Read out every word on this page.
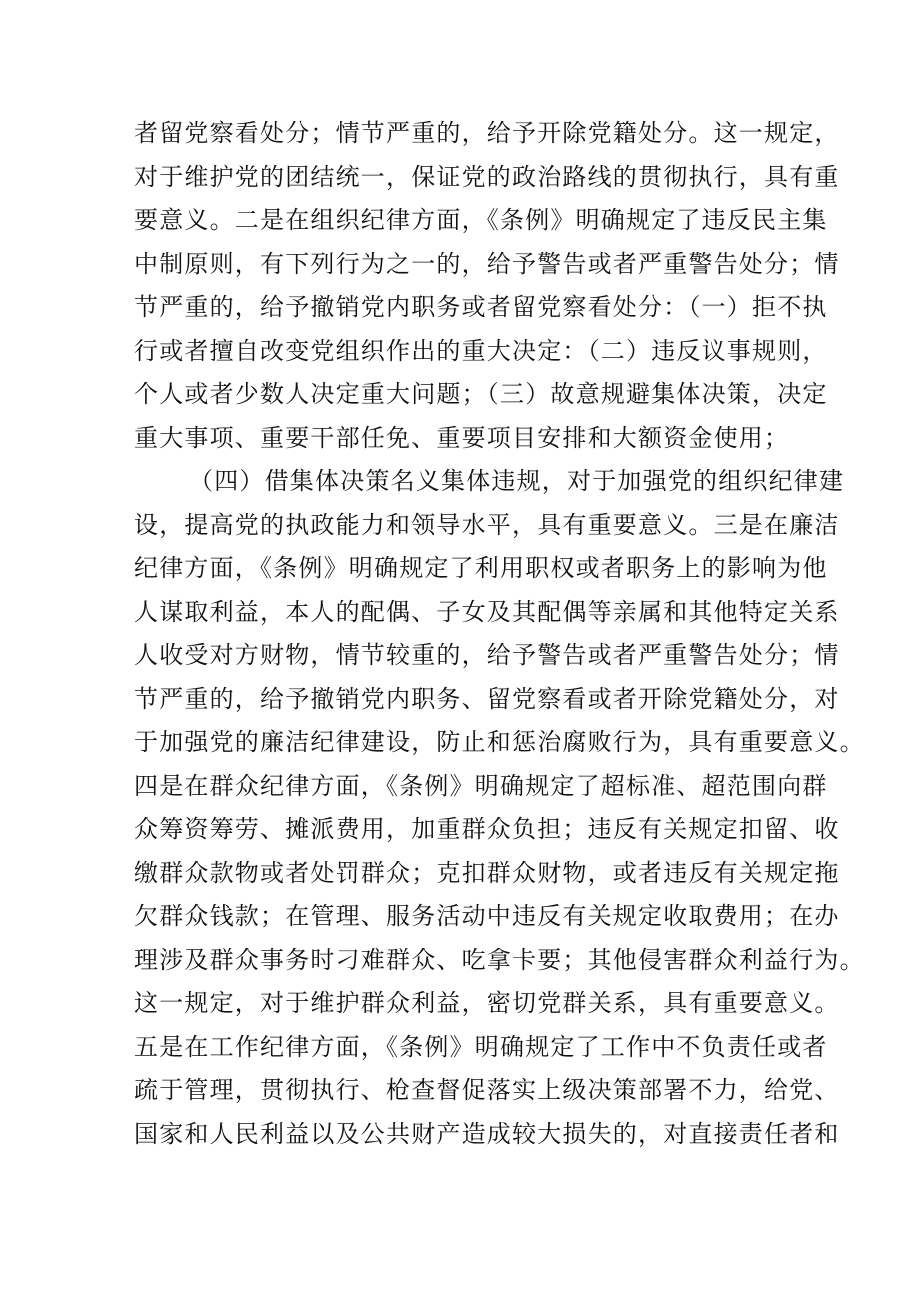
者留党察看处分；情节严重的，给予开除党籍处分。这一规定，
对于维护党的团结统一，保证党的政治路线的贯彻执行，具有重
要意义。二是在组织纪律方面，《条例》明确规定了违反民主集
中制原则，有下列行为之一的，给予警告或者严重警告处分；情
节严重的，给予撤销党内职务或者留党察看处分：（一）拒不执
行或者擅自改变党组织作出的重大决定：（二）违反议事规则，
个人或者少数人决定重大问题；（三）故意规避集体决策，决定
重大事项、重要干部任免、重要项目安排和大额资金使用；
（四）借集体决策名义集体违规，对于加强党的组织纪律建
设，提高党的执政能力和领导水平，具有重要意义。三是在廉洁
纪律方面，《条例》明确规定了利用职权或者职务上的影响为他
人谋取利益，本人的配偶、子女及其配偶等亲属和其他特定关系
人收受对方财物，情节较重的，给予警告或者严重警告处分；情
节严重的，给予撤销党内职务、留党察看或者开除党籍处分，对
于加强党的廉洁纪律建设，防止和惩治腐败行为，具有重要意义。
四是在群众纪律方面，《条例》明确规定了超标准、超范围向群
众筹资筹劳、摊派费用，加重群众负担；违反有关规定扣留、收
缴群众款物或者处罚群众；克扣群众财物，或者违反有关规定拖
欠群众钱款；在管理、服务活动中违反有关规定收取费用；在办
理涉及群众事务时刁难群众、吃拿卡要；其他侵害群众利益行为。
这一规定，对于维护群众利益，密切党群关系，具有重要意义。
五是在工作纪律方面，《条例》明确规定了工作中不负责任或者
疏于管理，贯彻执行、枪查督促落实上级决策部署不力，给党、
国家和人民利益以及公共财产造成较大损失的，对直接责任者和
